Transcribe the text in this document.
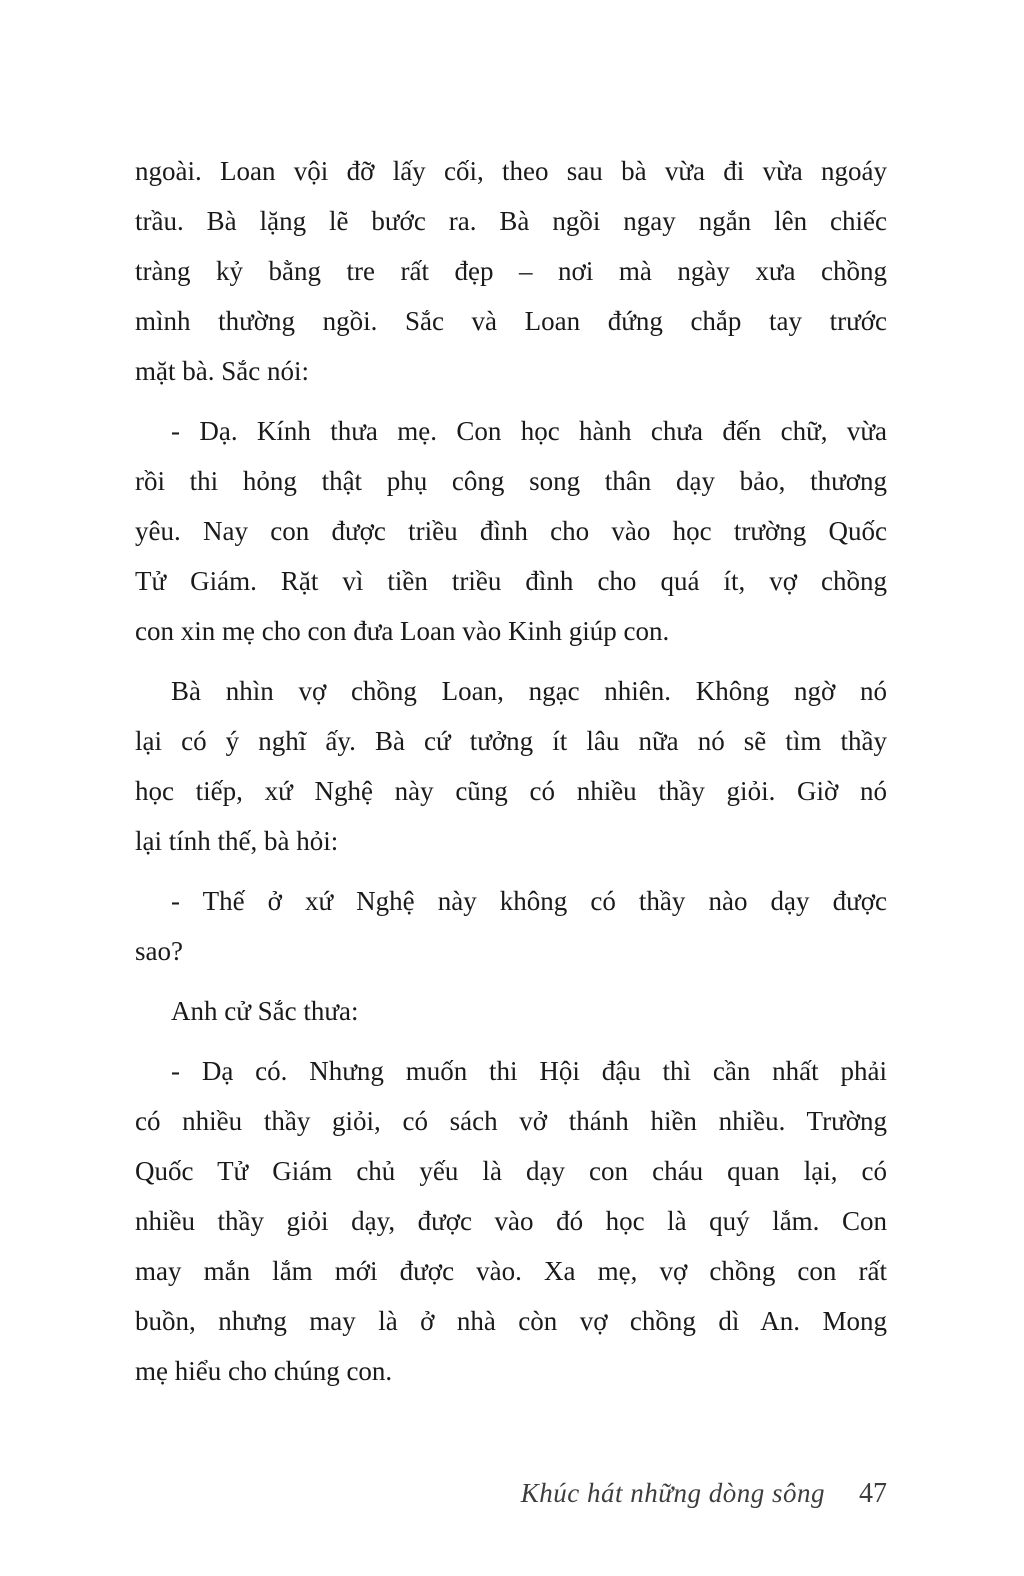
ngoài. Loan vội đỡ lấy cối, theo sau bà vừa đi vừa ngoáy
trầu. Bà lặng lẽ bước ra. Bà ngồi ngay ngắn lên chiếc
tràng kỷ bằng tre rất đẹp – nơi mà ngày xưa chồng
mình thường ngồi. Sắc và Loan đứng chắp tay trước
mặt bà. Sắc nói:
- Dạ. Kính thưa mẹ. Con học hành chưa đến chữ, vừa
rồi thi hỏng thật phụ công song thân dạy bảo, thương
yêu. Nay con được triều đình cho vào học trường Quốc
Tử Giám. Rặt vì tiền triều đình cho quá ít, vợ chồng
con xin mẹ cho con đưa Loan vào Kinh giúp con.
Bà nhìn vợ chồng Loan, ngạc nhiên. Không ngờ nó
lại có ý nghĩ ấy. Bà cứ tưởng ít lâu nữa nó sẽ tìm thầy
học tiếp, xứ Nghệ này cũng có nhiều thầy giỏi. Giờ nó
lại tính thế, bà hỏi:
- Thế ở xứ Nghệ này không có thầy nào dạy được
sao?
Anh cử Sắc thưa:
- Dạ có. Nhưng muốn thi Hội đậu thì cần nhất phải
có nhiều thầy giỏi, có sách vở thánh hiền nhiều. Trường
Quốc Tử Giám chủ yếu là dạy con cháu quan lại, có
nhiều thầy giỏi dạy, được vào đó học là quý lắm. Con
may mắn lắm mới được vào. Xa mẹ, vợ chồng con rất
buồn, nhưng may là ở nhà còn vợ chồng dì An. Mong
mẹ hiểu cho chúng con.
Khúc hát những dòng sông 47
